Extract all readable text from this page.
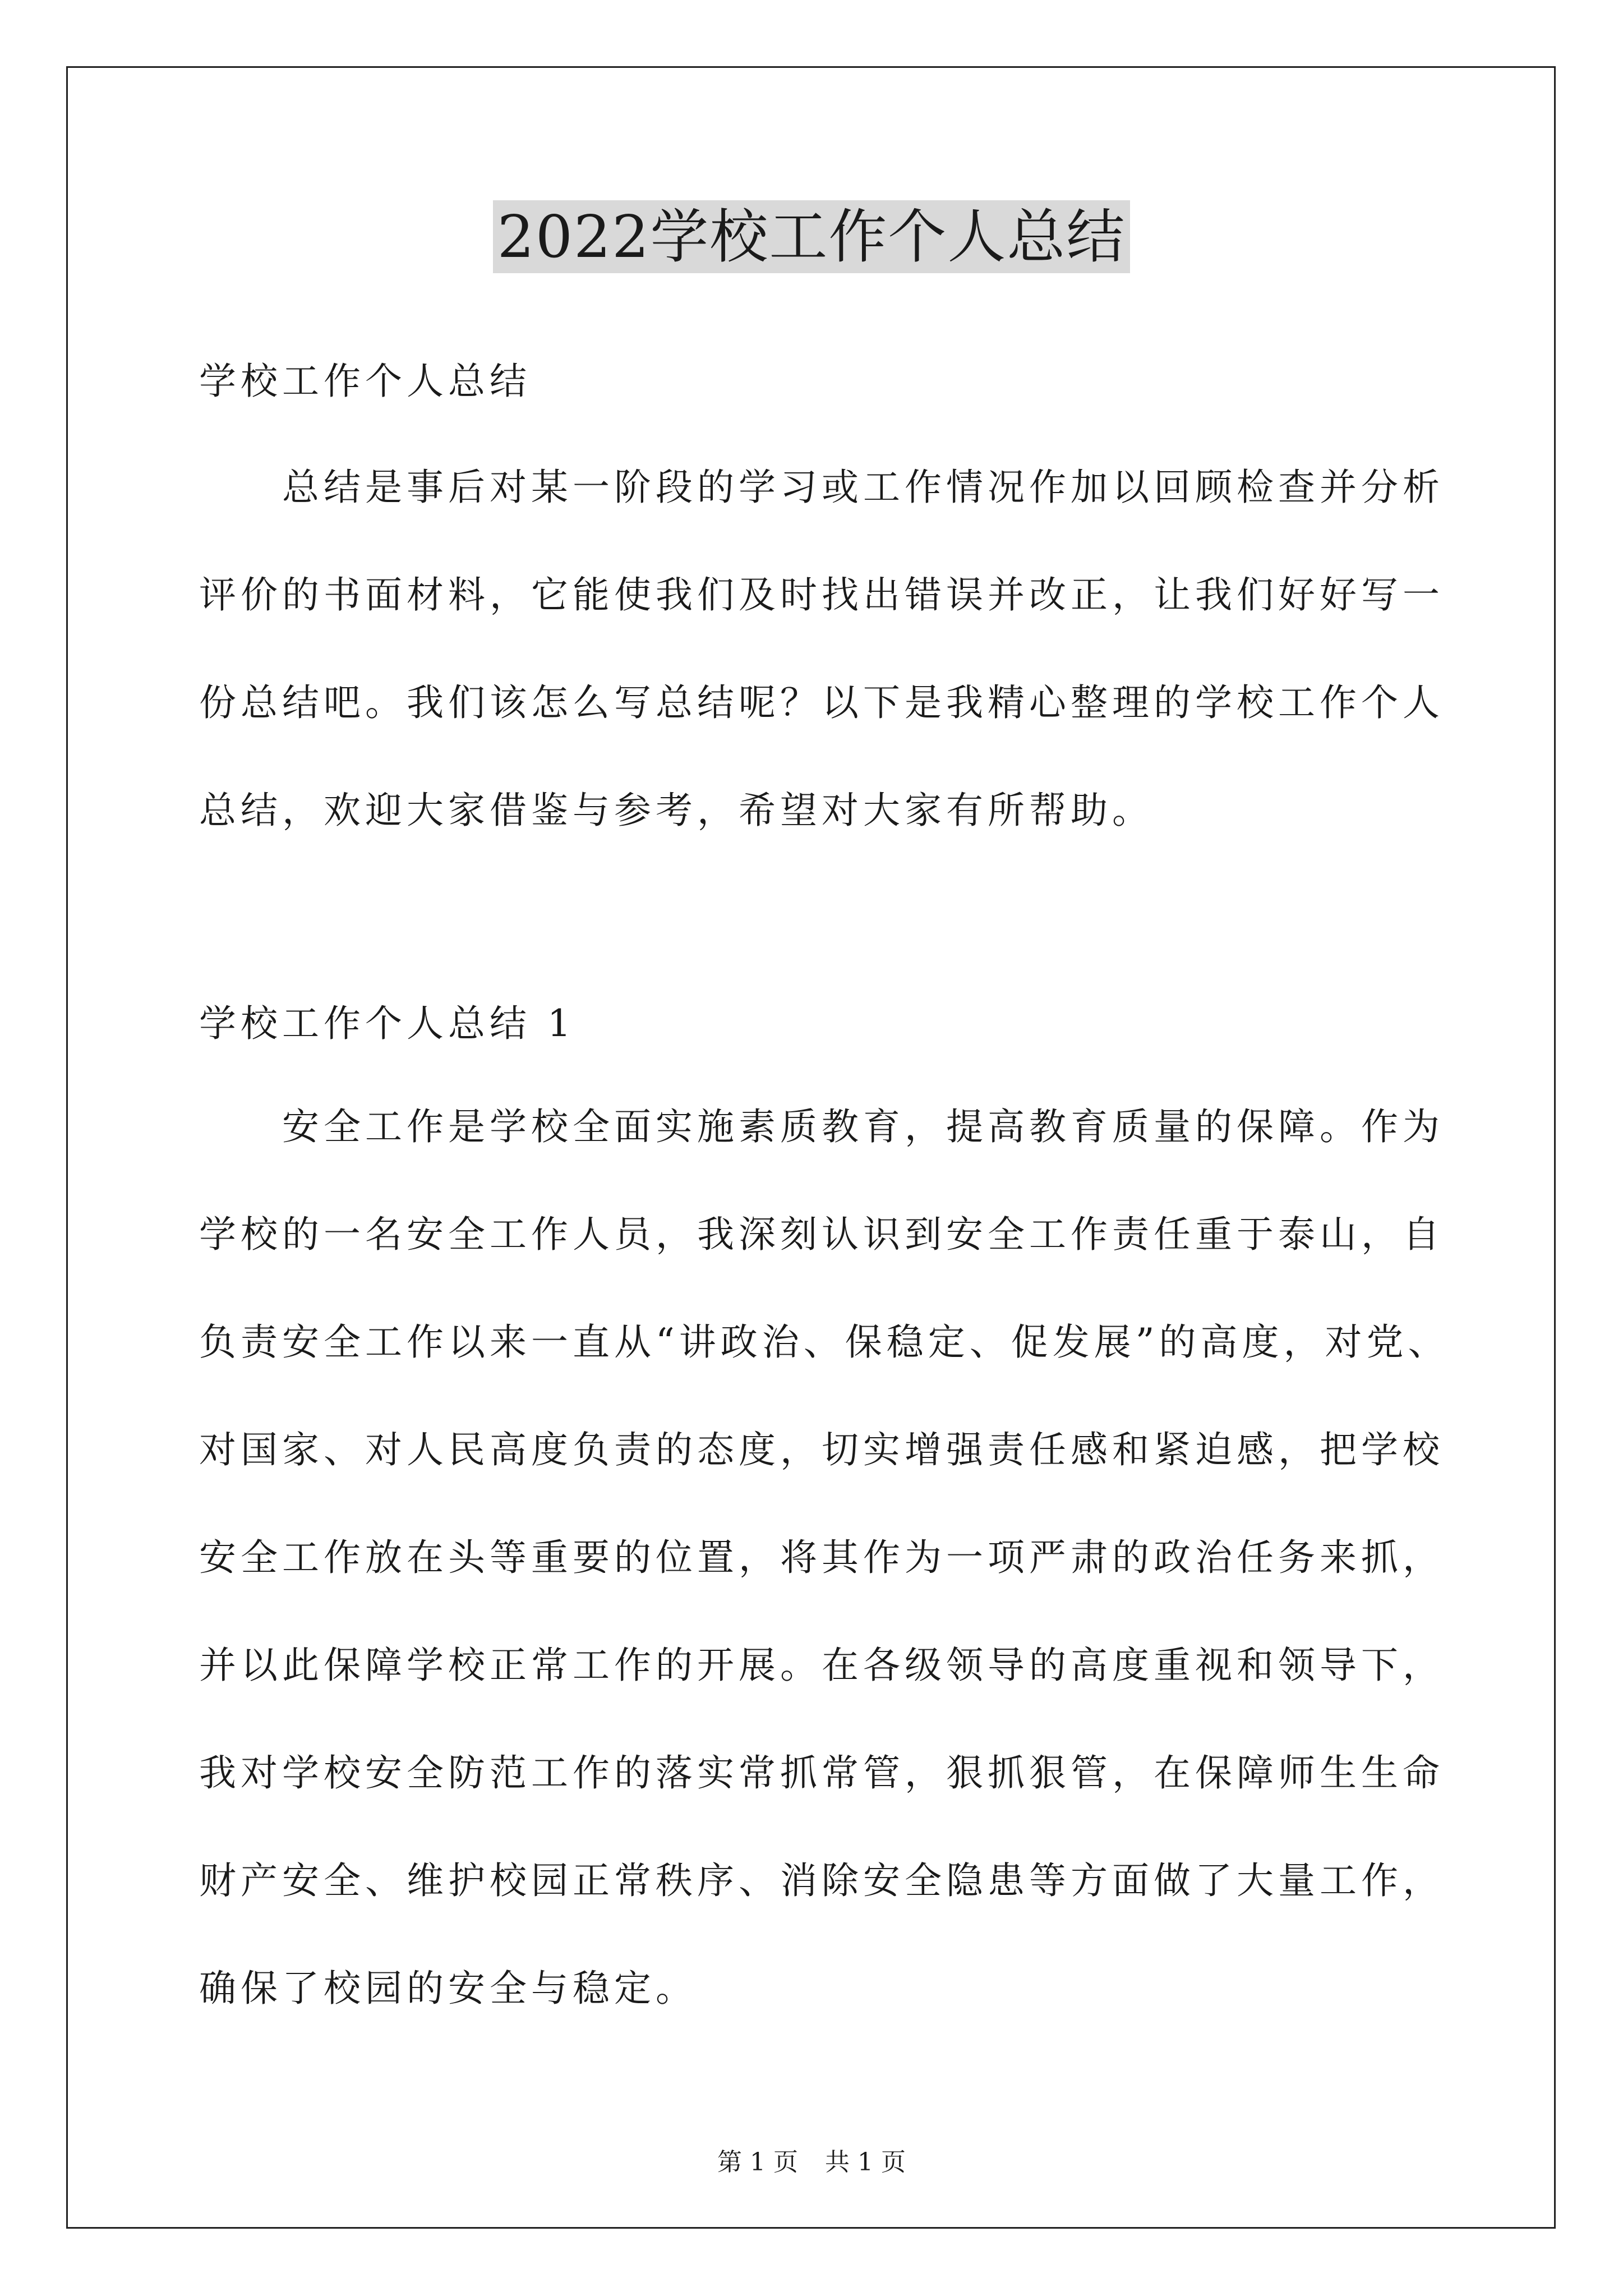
2022学校工作个人总结
学校工作个人总结
总结是事后对某一阶段的学习或工作情况作加以回顾检查并分析
评价的书面材料，它能使我们及时找出错误并改正，让我们好好写一
份总结吧。我们该怎么写总结呢？以下是我精心整理的学校工作个人
总结，欢迎大家借鉴与参考，希望对大家有所帮助。
学校工作个人总结 1
安全工作是学校全面实施素质教育，提高教育质量的保障。作为
学校的一名安全工作人员，我深刻认识到安全工作责任重于泰山，自
负责安全工作以来一直从“讲政治、保稳定、促发展”的高度，对党、
对国家、对人民高度负责的态度，切实增强责任感和紧迫感，把学校
安全工作放在头等重要的位置，将其作为一项严肃的政治任务来抓，
并以此保障学校正常工作的开展。在各级领导的高度重视和领导下，
我对学校安全防范工作的落实常抓常管，狠抓狠管，在保障师生生命
财产安全、维护校园正常秩序、消除安全隐患等方面做了大量工作，
确保了校园的安全与稳定。
第 1 页 共 1 页
